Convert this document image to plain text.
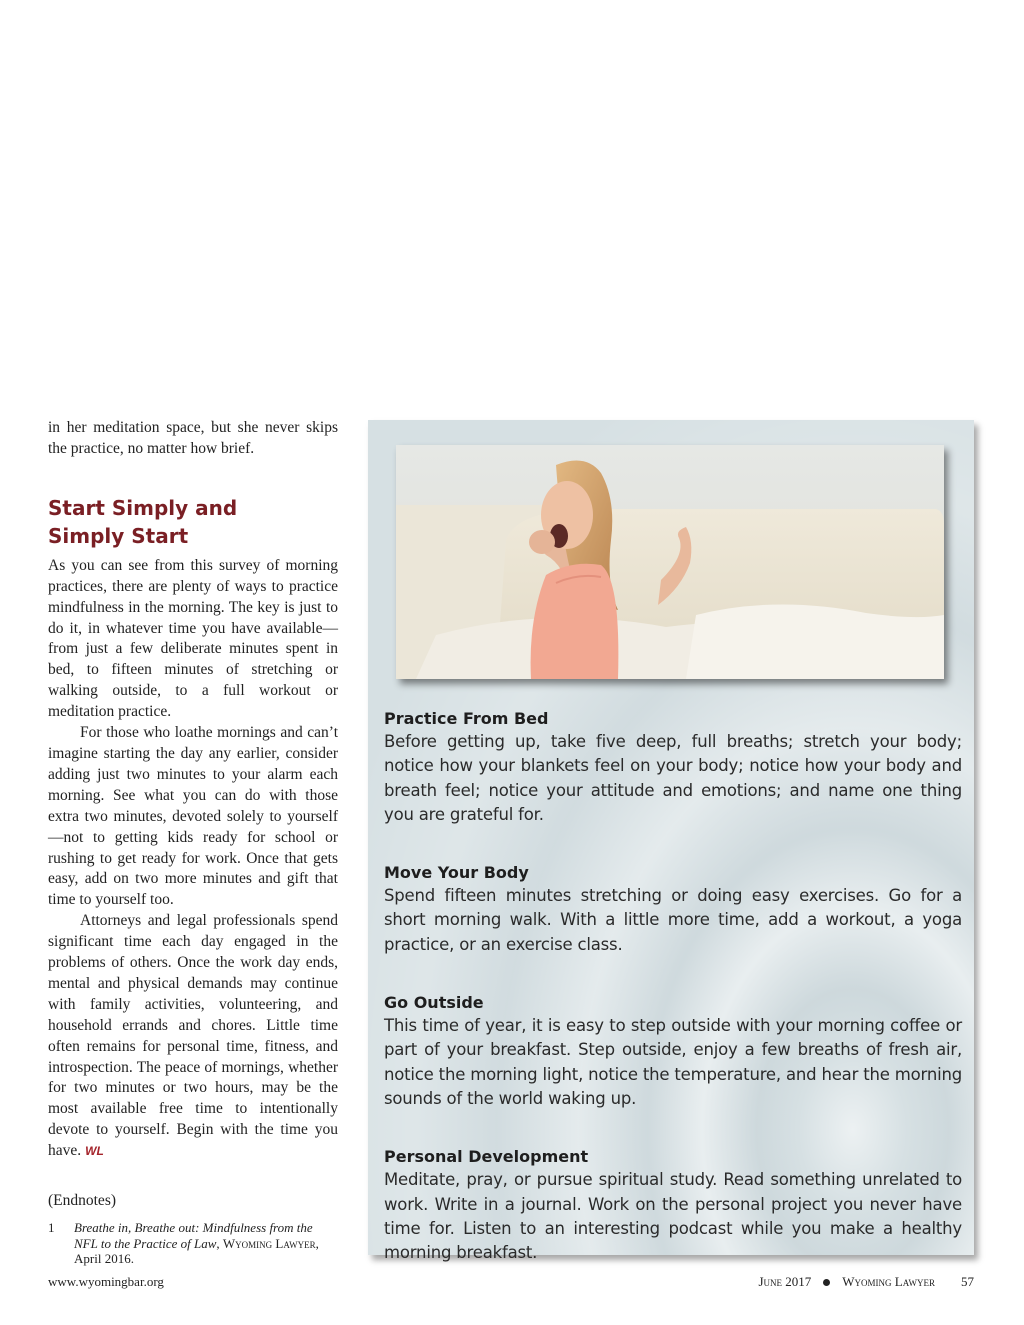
in her meditation space, but she never skips the practice, no matter how brief.

Start Simply and
Simply Start

As you can see from this survey of morning practices, there are plenty of ways to practice mindfulness in the morning. The key is just to do it, in whatever time you have available—from just a few deliberate minutes spent in bed, to fifteen minutes of stretching or walking outside, to a full workout or meditation practice.

For those who loathe mornings and can’t imagine starting the day any earlier, consider adding just two minutes to your alarm each morning. See what you can do with those extra two minutes, devoted solely to yourself—not to getting kids ready for school or rushing to get ready for work. Once that gets easy, add on two more minutes and gift that time to yourself too.

Attorneys and legal professionals spend significant time each day engaged in the problems of others. Once the work day ends, mental and physical demands may continue with family activities, volunteering, and household errands and chores. Little time often remains for personal time, fitness, and introspection. The peace of mornings, whether for two minutes or two hours, may be the most available free time to intentionally devote to yourself. Begin with the time you have. WL

(Endnotes)
1	Breathe in, Breathe out: Mindfulness from the NFL to the Practice of Law, Wyoming Lawyer, April 2016.
Practice From Bed

Before getting up, take five deep, full breaths; stretch your body; notice how your blankets feel on your body; notice how your body and breath feel; notice your attitude and emotions; and name one thing you are grateful for.

Move Your Body

Spend fifteen minutes stretching or doing easy exercises. Go for a short morning walk. With a little more time, add a workout, a yoga practice, or an exercise class.

Go Outside

This time of year, it is easy to step outside with your morning coffee or part of your breakfast. Step outside, enjoy a few breaths of fresh air, notice the morning light, notice the temperature, and hear the morning sounds of the world waking up.

Personal Development

Meditate, pray, or pursue spiritual study. Read something unrelated to work. Write in a journal. Work on the personal project you never have time for. Listen to an interesting podcast while you make a healthy morning breakfast.

www.wyomingbar.org	June 2017 Wyoming Lawyer 57
